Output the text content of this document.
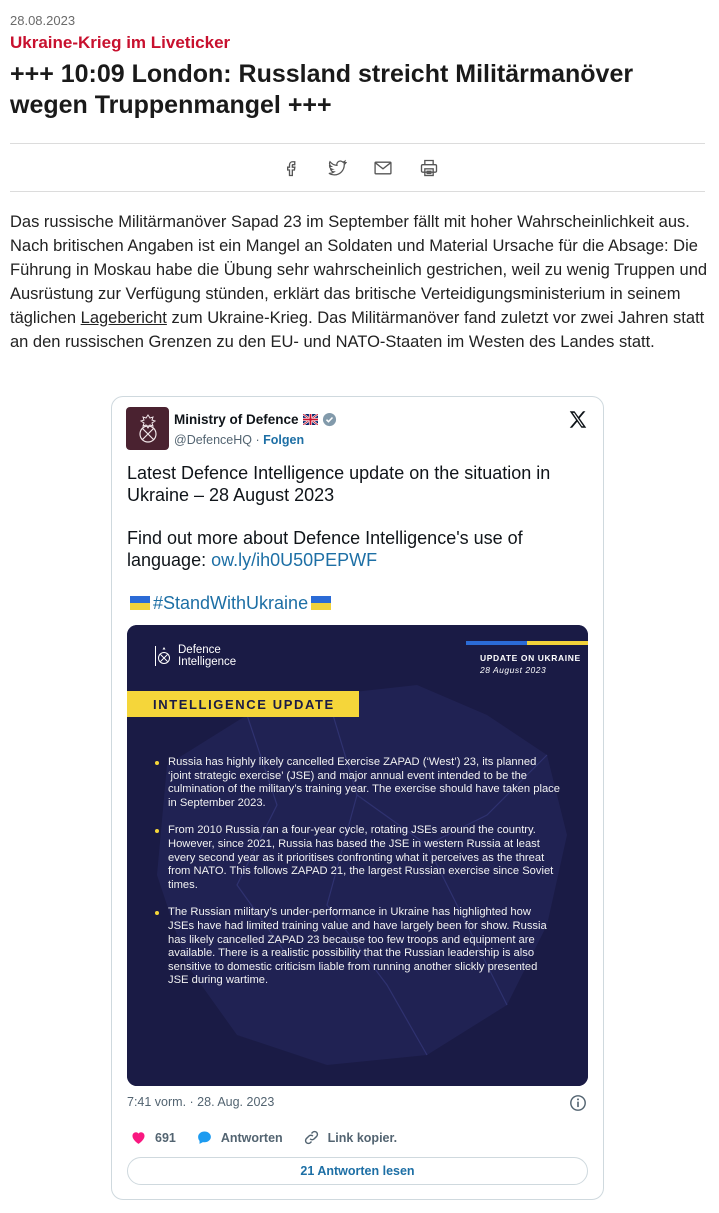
28.08.2023
Ukraine-Krieg im Liveticker
+++ 10:09 London: Russland streicht Militärmanöver wegen Truppenmangel +++

Das russische Militärmanöver Sapad 23 im September fällt mit hoher Wahrscheinlichkeit aus. Nach britischen Angaben ist ein Mangel an Soldaten und Material Ursache für die Absage: Die Führung in Moskau habe die Übung sehr wahrscheinlich gestrichen, weil zu wenig Truppen und Ausrüstung zur Verfügung stünden, erklärt das britische Verteidigungsministerium in seinem täglichen Lagebericht zum Ukraine-Krieg. Das Militärmanöver fand zuletzt vor zwei Jahren statt an den russischen Grenzen zu den EU- und NATO-Staaten im Westen des Landes statt.

Ministry of Defence
@DefenceHQ · Folgen

Latest Defence Intelligence update on the situation in Ukraine – 28 August 2023

Find out more about Defence Intelligence's use of language: ow.ly/ih0U50PEPWF

#StandWithUkraine

Defence
Intelligence	UPDATE ON UKRAINE
28 August 2023
INTELLIGENCE UPDATE
Russia has highly likely cancelled Exercise ZAPAD (‘West’) 23, its planned ‘joint strategic exercise’ (JSE) and major annual event intended to be the culmination of the military’s training year. The exercise should have taken place in September 2023.
From 2010 Russia ran a four-year cycle, rotating JSEs around the country. However, since 2021, Russia has based the JSE in western Russia at least every second year as it prioritises confronting what it perceives as the threat from NATO. This follows ZAPAD 21, the largest Russian exercise since Soviet times.
The Russian military’s under-performance in Ukraine has highlighted how JSEs have had limited training value and have largely been for show. Russia has likely cancelled ZAPAD 23 because too few troops and equipment are available. There is a realistic possibility that the Russian leadership is also sensitive to domestic criticism liable from running another slickly presented JSE during wartime.
7:41 vorm. · 28. Aug. 2023
691	Antworten	Link kopier.
21 Antworten lesen
